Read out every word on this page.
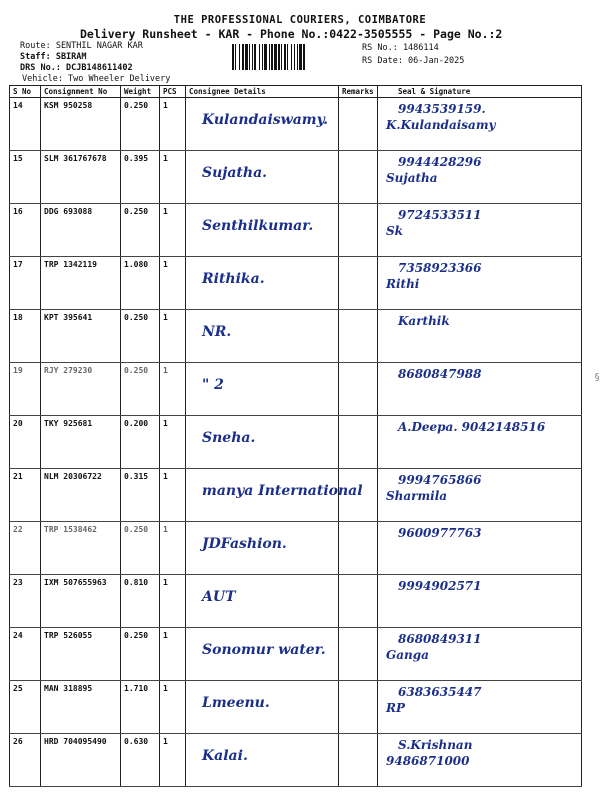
THE PROFESSIONAL COURIERS, COIMBATORE
Delivery Runsheet - KAR - Phone No.:0422-3505555 - Page No.:2
Route: SENTHIL NAGAR KAR
Staff: SBIRAM
DRS No.: DCJB148611402
Vehicle: Two Wheeler Delivery
RS No.: 1486114
RS Date: 06-Jan-2025
S No	Consignment No	Weight	PCS	Consignee Details	Remarks	Seal & Signature
14	KSM 950258	0.250	1	Kulandaiswamy.		9943539159.
K.Kulandaisamy

15	SLM 361767678	0.395	1	Sujatha.		9944428296
Sujatha

16	DDG 693088	0.250	1	Senthilkumar.		9724533511
Sk

17	TRP 1342119	1.080	1	Rithika.		7358923366
Rithi

18	KPT 395641	0.250	1	NR.		Karthik

19	RJY 279230	0.250	1	" 2		8680847988

20	TKY 925681	0.200	1	Sneha.		A.Deepa. 9042148516

21	NLM 20306722	0.315	1	manya International		9994765866
Sharmila

22	TRP 1538462	0.250	1	JDFashion.		9600977763

23	IXM 507655963	0.810	1	AUT		9994902571

24	TRP 526055	0.250	1	Sonomur water.		8680849311
Ganga

25	MAN 318895	1.710	1	Lmeenu.		6383635447
RP

26	HRD 704095490	0.630	1	Kalai.		S.Krishnan
9486871000
§
